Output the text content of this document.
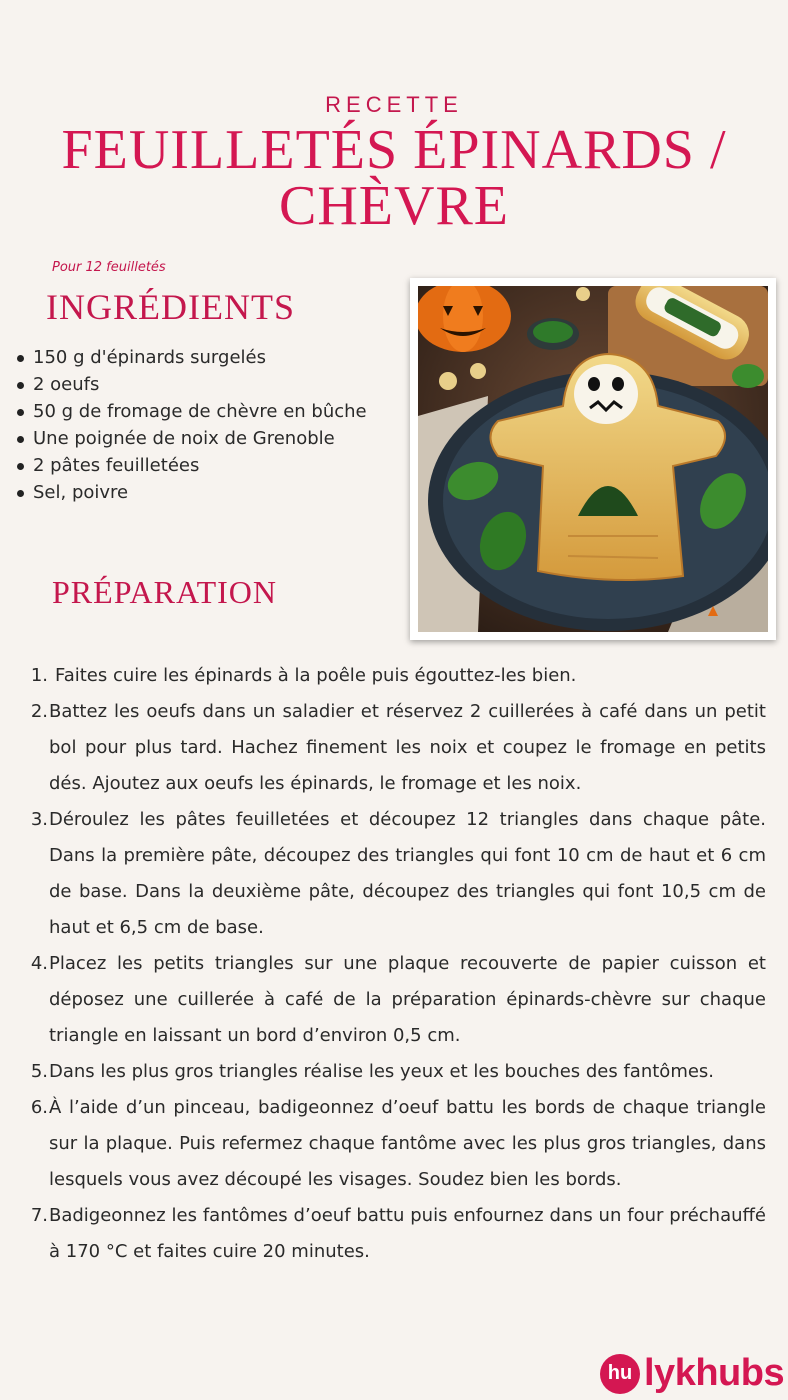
RECETTE
FEUILLETÉS ÉPINARDS / CHÈVRE
Pour 12 feuilletés
INGRÉDIENTS
150 g d'épinards surgelés
2 oeufs
50 g de fromage de chèvre en bûche
Une poignée de noix de Grenoble
2 pâtes feuilletées
Sel, poivre
PRÉPARATION
1. Faites cuire les épinards à la poêle puis égouttez-les bien.
2. Battez les oeufs dans un saladier et réservez 2 cuillerées à café dans un petit bol pour plus tard. Hachez finement les noix et coupez le fromage en petits dés. Ajoutez aux oeufs les épinards, le fromage et les noix.
3. Déroulez les pâtes feuilletées et découpez 12 triangles dans chaque pâte. Dans la première pâte, découpez des triangles qui font 10 cm de haut et 6 cm de base. Dans la deuxième pâte, découpez des triangles qui font 10,5 cm de haut et 6,5 cm de base.
4. Placez les petits triangles sur une plaque recouverte de papier cuisson et déposez une cuillerée à café de la préparation épinards-chèvre sur chaque triangle en laissant un bord d’environ 0,5 cm.
5. Dans les plus gros triangles réalise les yeux et les bouches des fantômes.
6. À l’aide d’un pinceau, badigeonnez d’oeuf battu les bords de chaque triangle sur la plaque. Puis refermez chaque fantôme avec les plus gros triangles, dans lesquels vous avez découpé les visages. Soudez bien les bords.
7. Badigeonnez les fantômes d’oeuf battu puis enfournez dans un four préchauffé à 170 °C et faites cuire 20 minutes.
hu lykhubs
